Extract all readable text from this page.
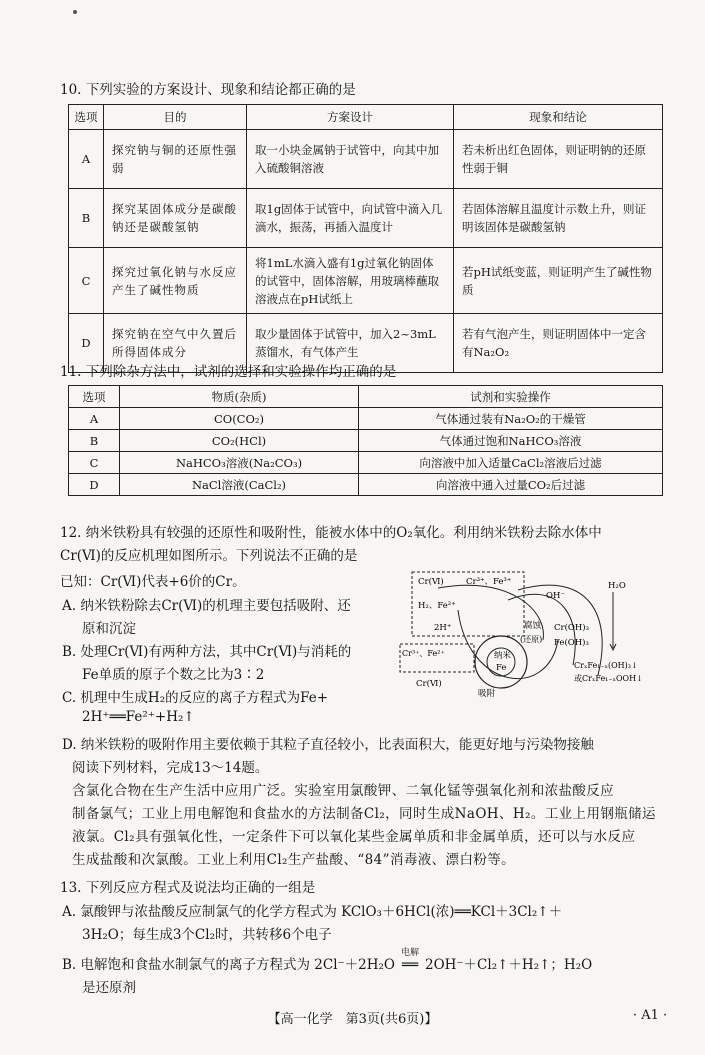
10. 下列实验的方案设计、现象和结论都正确的是
选项	目的	方案设计	现象和结论
A	探究钠与铜的还原性强弱	取一小块金属钠于试管中，向其中加入硫酸铜溶液	若未析出红色固体，则证明钠的还原性弱于铜
B	探究某固体成分是碳酸钠还是碳酸氢钠	取1g固体于试管中，向试管中滴入几滴水，振荡，再插入温度计	若固体溶解且温度计示数上升，则证明该固体是碳酸氢钠
C	探究过氧化钠与水反应产生了碱性物质	将1mL水滴入盛有1g过氧化钠固体的试管中，固体溶解，用玻璃棒蘸取溶液点在pH试纸上	若pH试纸变蓝，则证明产生了碱性物质
D	探究钠在空气中久置后所得固体成分	取少量固体于试管中，加入2~3mL蒸馏水，有气体产生	若有气泡产生，则证明固体中一定含有Na₂O₂
11. 下列除杂方法中，试剂的选择和实验操作均正确的是
选项	物质(杂质)	试剂和实验操作
A	CO(CO₂)	气体通过装有Na₂O₂的干燥管
B	CO₂(HCl)	气体通过饱和NaHCO₃溶液
C	NaHCO₃溶液(Na₂CO₃)	向溶液中加入适量CaCl₂溶液后过滤
D	NaCl溶液(CaCl₂)	向溶液中通入过量CO₂后过滤
12. 纳米铁粉具有较强的还原性和吸附性，能被水体中的O₂氧化。利用纳米铁粉去除水体中
Cr(Ⅵ)的反应机理如图所示。下列说法不正确的是
已知：Cr(Ⅵ)代表+6价的Cr。
A. 纳米铁粉除去Cr(Ⅵ)的机理主要包括吸附、还
原和沉淀
B. 处理Cr(Ⅵ)有两种方法，其中Cr(Ⅵ)与消耗的
Fe单质的原子个数之比为3∶2
C. 机理中生成H₂的反应的离子方程式为Fe+
2H⁺══Fe²⁺+H₂↑
D. 纳米铁粉的吸附作用主要依赖于其粒子直径较小，比表面积大，能更好地与污染物接触
Cr(Ⅵ)	Cr³⁺、Fe³⁺
H₂、Fe²⁺
2H⁺
Cr³⁺、Fe²⁺
Cr(Ⅵ)
纳米
Fe
腐蚀
(还原)
吸附
H₂O
OH⁻
Cr(OH)₃
Fe(OH)₃
CrₓFe₁₋ₓ(OH)₃↓
或CrₓFe₁₋ₓOOH↓
阅读下列材料，完成13～14题。
含氯化合物在生产生活中应用广泛。实验室用氯酸钾、二氧化锰等强氧化剂和浓盐酸反应
制备氯气；工业上用电解饱和食盐水的方法制备Cl₂，同时生成NaOH、H₂。工业上用钢瓶储运
液氯。Cl₂具有强氧化性，一定条件下可以氧化某些金属单质和非金属单质，还可以与水反应
生成盐酸和次氯酸。工业上利用Cl₂生产盐酸、“84”消毒液、漂白粉等。
13. 下列反应方程式及说法均正确的一组是
A. 氯酸钾与浓盐酸反应制氯气的化学方程式为 KClO₃＋6HCl(浓)══KCl＋3Cl₂↑＋
3H₂O；每生成3个Cl₂时，共转移6个电子
B. 电解饱和食盐水制氯气的离子方程式为 2Cl⁻＋2H₂O
电解
══ 2OH⁻＋Cl₂↑＋H₂↑；H₂O
是还原剂
【高一化学　第3页(共6页)】	· A1 ·
